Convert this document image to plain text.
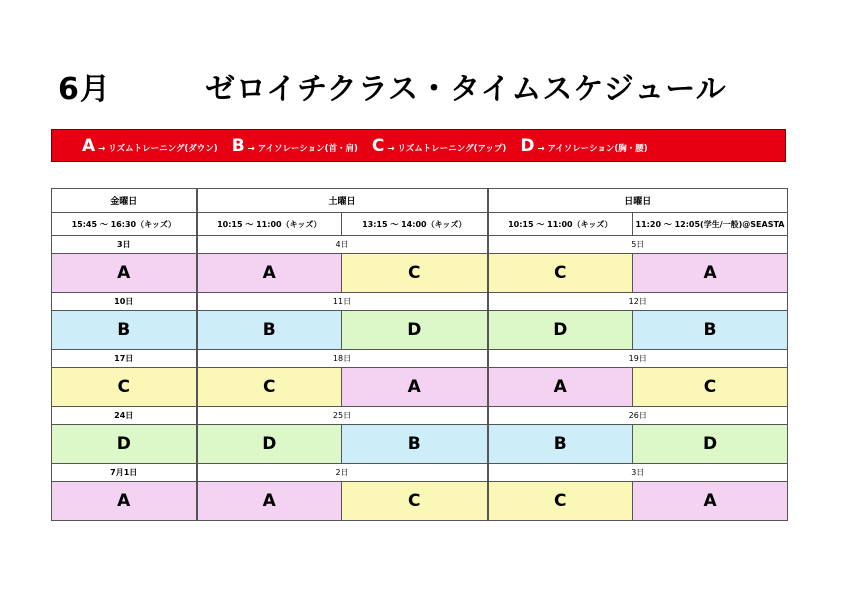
6月	ゼロイチクラス・タイムスケジュール
A → リズムトレーニング(ダウン) B → アイソレーション(首・肩) C → リズムトレーニング(アップ) D → アイソレーション(胸・腰)
金曜日	土曜日		日曜日	
15:45 ～ 16:30（キッズ）	10:15 ～ 11:00（キッズ）	13:15 ～ 14:00（キッズ）	10:15 ～ 11:00（キッズ）	11:20 ～ 12:05(学生/一般)@SEASTA
3日	4日		5日	
A	A	C	C	A
10日	11日		12日	
B	B	D	D	B
17日	18日		19日	
C	C	A	A	C
24日	25日		26日	
D	D	B	B	D
7月1日	2日		3日	
A	A	C	C	A
